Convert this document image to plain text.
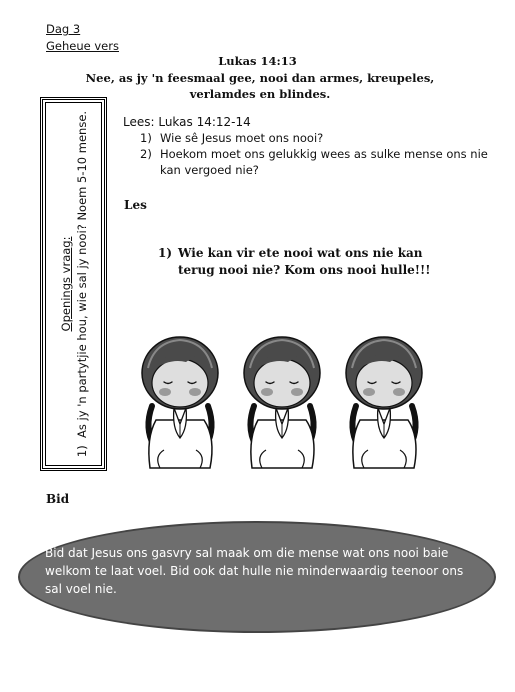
Dag 3
Geheue vers
Lukas 14:13
Nee, as jy 'n feesmaal gee, nooi dan armes, kreupeles, verlamdes en blindes.
Openings vraag:
1)  As jy 'n partytjie hou, wie sal jy nooi? Noem 5-10 mense.	Lees: Lukas 14:12-14
1) Wie sê Jesus moet ons nooi?
2) Hoekom moet ons gelukkig wees as sulke mense ons nie kan vergoed nie?
Les
1) Wie kan vir ete nooi wat ons nie kan terug nooi nie? Kom ons nooi hulle!!!
Bid
Bid dat Jesus ons gasvry sal maak om die mense wat ons nooi baie welkom te laat voel. Bid ook dat hulle nie minderwaardig teenoor ons sal voel nie.
